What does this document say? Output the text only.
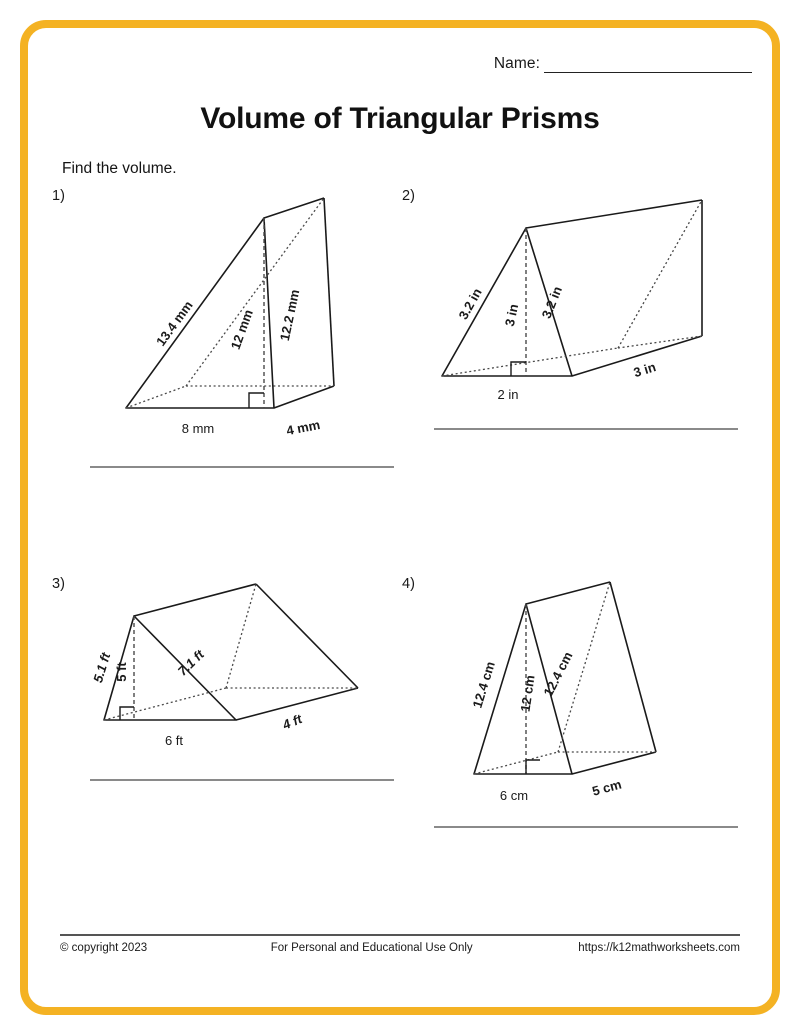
Name:
Volume of Triangular Prisms
Find the volume.
1)
13.4 mm 12 mm 12.2 mm
8 mm	4 mm
2)
3.2 in 3 in 3.2 in
2 in
3 in
3)
5.1 ft 5 ft	7.1 ft
6 ft
4 ft
4)
12.4 cm 12 cm 12.4 cm
6 cm	5 cm
© copyright 2023	For Personal and Educational Use Only	https://k12mathworksheets.com
